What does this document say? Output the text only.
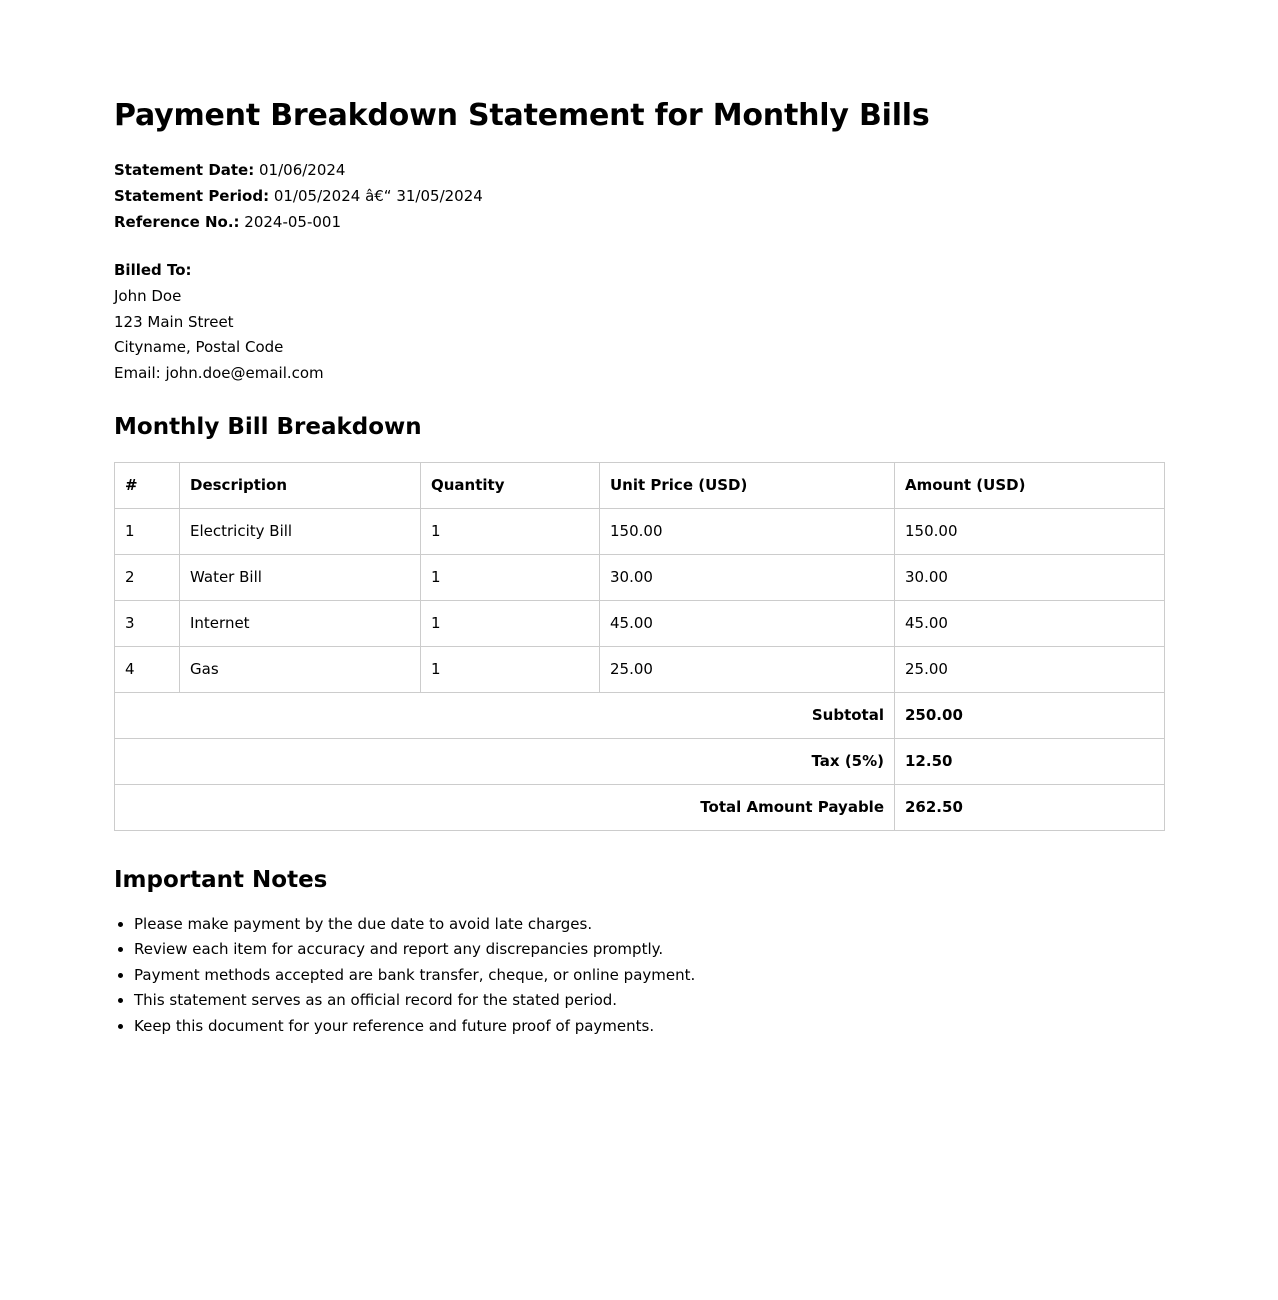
Payment Breakdown Statement for Monthly Bills
Statement Date: 01/06/2024
Statement Period: 01/05/2024 â€“ 31/05/2024
Reference No.: 2024-05-001
Billed To:
John Doe
123 Main Street
Cityname, Postal Code
Email: john.doe@email.com
Monthly Bill Breakdown
#	Description	Quantity	Unit Price (USD)	Amount (USD)
1	Electricity Bill	1	150.00	150.00
2	Water Bill	1	30.00	30.00
3	Internet	1	45.00	45.00
4	Gas	1	25.00	25.00
Subtotal				250.00
Tax (5%)				12.50
Total Amount Payable				262.50
Important Notes
• Please make payment by the due date to avoid late charges.
• Review each item for accuracy and report any discrepancies promptly.
• Payment methods accepted are bank transfer, cheque, or online payment.
• This statement serves as an official record for the stated period.
• Keep this document for your reference and future proof of payments.
